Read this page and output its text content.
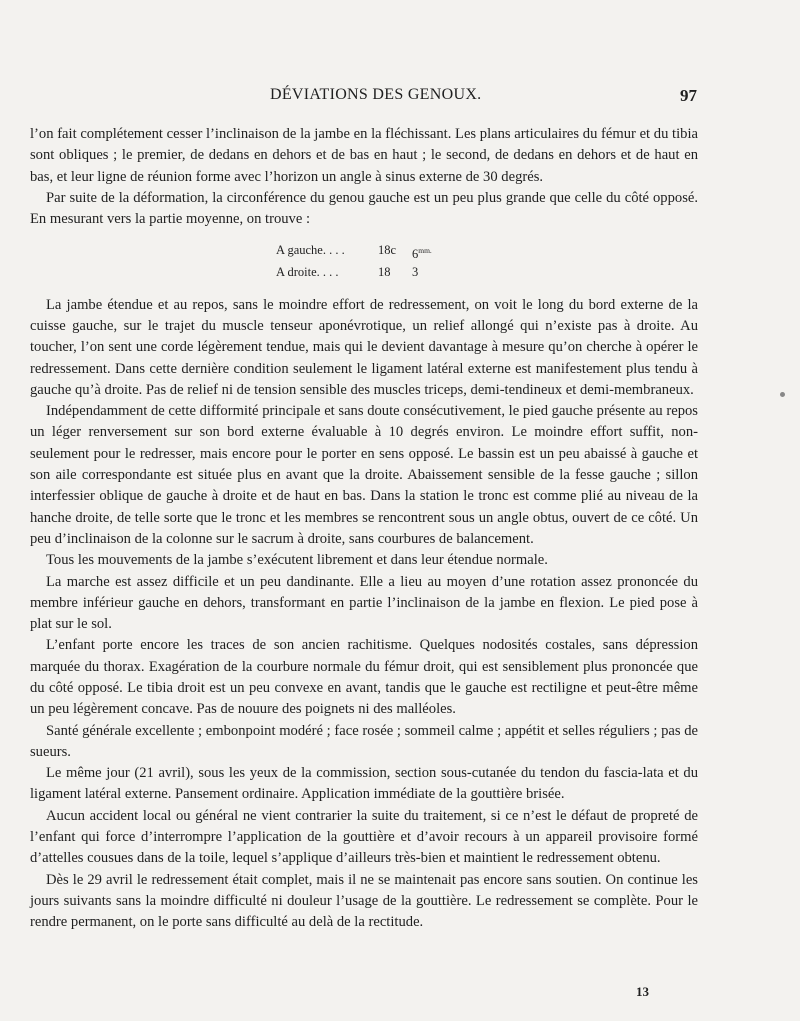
DÉVIATIONS DES GENOUX.	97

l’on fait complétement cesser l’inclinaison de la jambe en la fléchissant. Les plans articulaires du fémur et du tibia sont obliques ; le premier, de dedans en dehors et de bas en haut ; le second, de dedans en dehors et de haut en bas, et leur ligne de réunion forme avec l’horizon un angle à sinus externe de 30 degrés.

Par suite de la déformation, la circonférence du genou gauche est un peu plus grande que celle du côté opposé. En mesurant vers la partie moyenne, on trouve :

A gauche. . . .	18c	$6^{mm.}$
A droite. . . .	18	3

La jambe étendue et au repos, sans le moindre effort de redressement, on voit le long du bord externe de la cuisse gauche, sur le trajet du muscle tenseur aponévrotique, un relief allongé qui n’existe pas à droite. Au toucher, l’on sent une corde légèrement tendue, mais qui le devient davantage à mesure qu’on cherche à opérer le redressement. Dans cette dernière condition seulement le ligament latéral externe est manifestement plus tendu à gauche qu’à droite. Pas de relief ni de tension sensible des muscles triceps, demi-tendineux et demi-membraneux.

Indépendamment de cette difformité principale et sans doute consécutivement, le pied gauche présente au repos un léger renversement sur son bord externe évaluable à 10 degrés environ. Le moindre effort suffit, non-seulement pour le redresser, mais encore pour le porter en sens opposé. Le bassin est un peu abaissé à gauche et son aile correspondante est située plus en avant que la droite. Abaissement sensible de la fesse gauche ; sillon interfessier oblique de gauche à droite et de haut en bas. Dans la station le tronc est comme plié au niveau de la hanche droite, de telle sorte que le tronc et les membres se rencontrent sous un angle obtus, ouvert de ce côté. Un peu d’inclinaison de la colonne sur le sacrum à droite, sans courbures de balancement.

Tous les mouvements de la jambe s’exécutent librement et dans leur étendue normale.

La marche est assez difficile et un peu dandinante. Elle a lieu au moyen d’une rotation assez prononcée du membre inférieur gauche en dehors, transformant en partie l’inclinaison de la jambe en flexion. Le pied pose à plat sur le sol.

L’enfant porte encore les traces de son ancien rachitisme. Quelques nodosités costales, sans dépression marquée du thorax. Exagération de la courbure normale du fémur droit, qui est sensiblement plus prononcée que du côté opposé. Le tibia droit est un peu convexe en avant, tandis que le gauche est rectiligne et peut-être même un peu légèrement concave. Pas de nouure des poignets ni des malléoles.

Santé générale excellente ; embonpoint modéré ; face rosée ; sommeil calme ; appétit et selles réguliers ; pas de sueurs.

Le même jour (21 avril), sous les yeux de la commission, section sous-cutanée du tendon du fascia-lata et du ligament latéral externe. Pansement ordinaire. Application immédiate de la gouttière brisée.

Aucun accident local ou général ne vient contrarier la suite du traitement, si ce n’est le défaut de propreté de l’enfant qui force d’interrompre l’application de la gouttière et d’avoir recours à un appareil provisoire formé d’attelles cousues dans de la toile, lequel s’applique d’ailleurs très-bien et maintient le redressement obtenu.

Dès le 29 avril le redressement était complet, mais il ne se maintenait pas encore sans soutien. On continue les jours suivants sans la moindre difficulté ni douleur l’usage de la gouttière. Le redressement se complète. Pour le rendre permanent, on le porte sans difficulté au delà de la rectitude.

13
